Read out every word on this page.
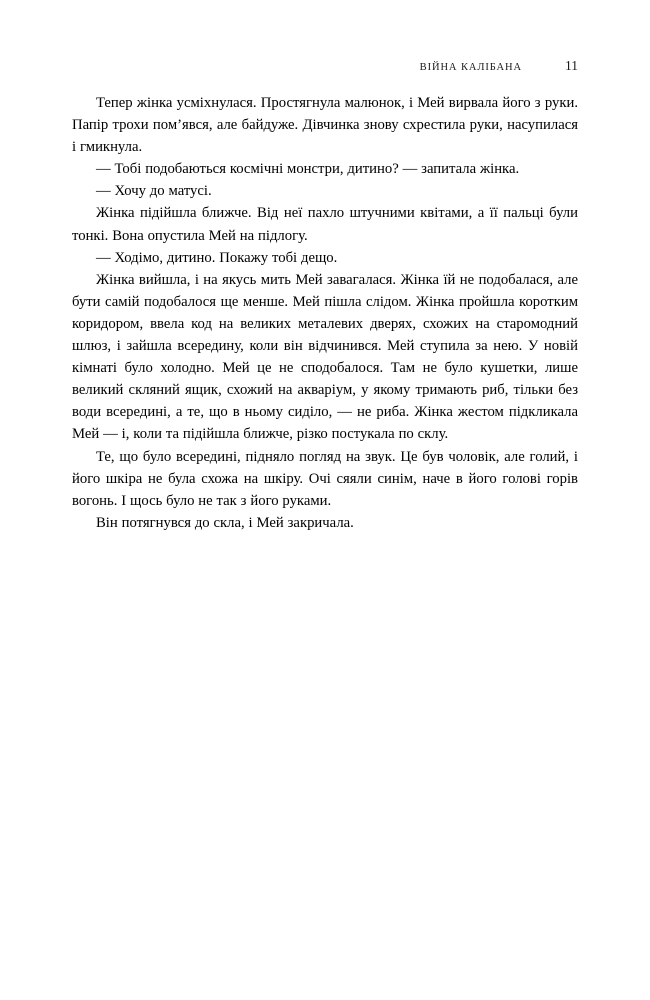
ВІЙНА КАЛІБАНА	11

Тепер жінка усміхнулася. Простягнула малюнок, і Мей вирвала його з руки. Папір трохи пом’явся, але байдуже. Дівчинка знову схрестила руки, насупилася і гмикнула.

— Тобі подобаються космічні монстри, дитино? — запитала жінка.

— Хочу до матусі.

Жінка підійшла ближче. Від неї пахло штучними квітами, а її пальці були тонкі. Вона опустила Мей на підлогу.

— Ходімо, дитино. Покажу тобі дещо.

Жінка вийшла, і на якусь мить Мей завагалася. Жінка їй не подобалася, але бути самій подобалося ще менше. Мей пішла слідом. Жінка пройшла коротким коридором, ввела код на великих металевих дверях, схожих на старомодний шлюз, і зайшла всередину, коли він відчинився. Мей ступила за нею. У новій кімнаті було холодно. Мей це не сподобалося. Там не було кушетки, лише великий скляний ящик, схожий на акваріум, у якому тримають риб, тільки без води всередині, а те, що в ньому сиділо, — не риба. Жінка жестом підкликала Мей — і, коли та підійшла ближче, різко постукала по склу.

Те, що було всередині, підняло погляд на звук. Це був чоловік, але голий, і його шкіра не була схожа на шкіру. Очі сяяли синім, наче в його голові горів вогонь. І щось було не так з його руками.

Він потягнувся до скла, і Мей закричала.
